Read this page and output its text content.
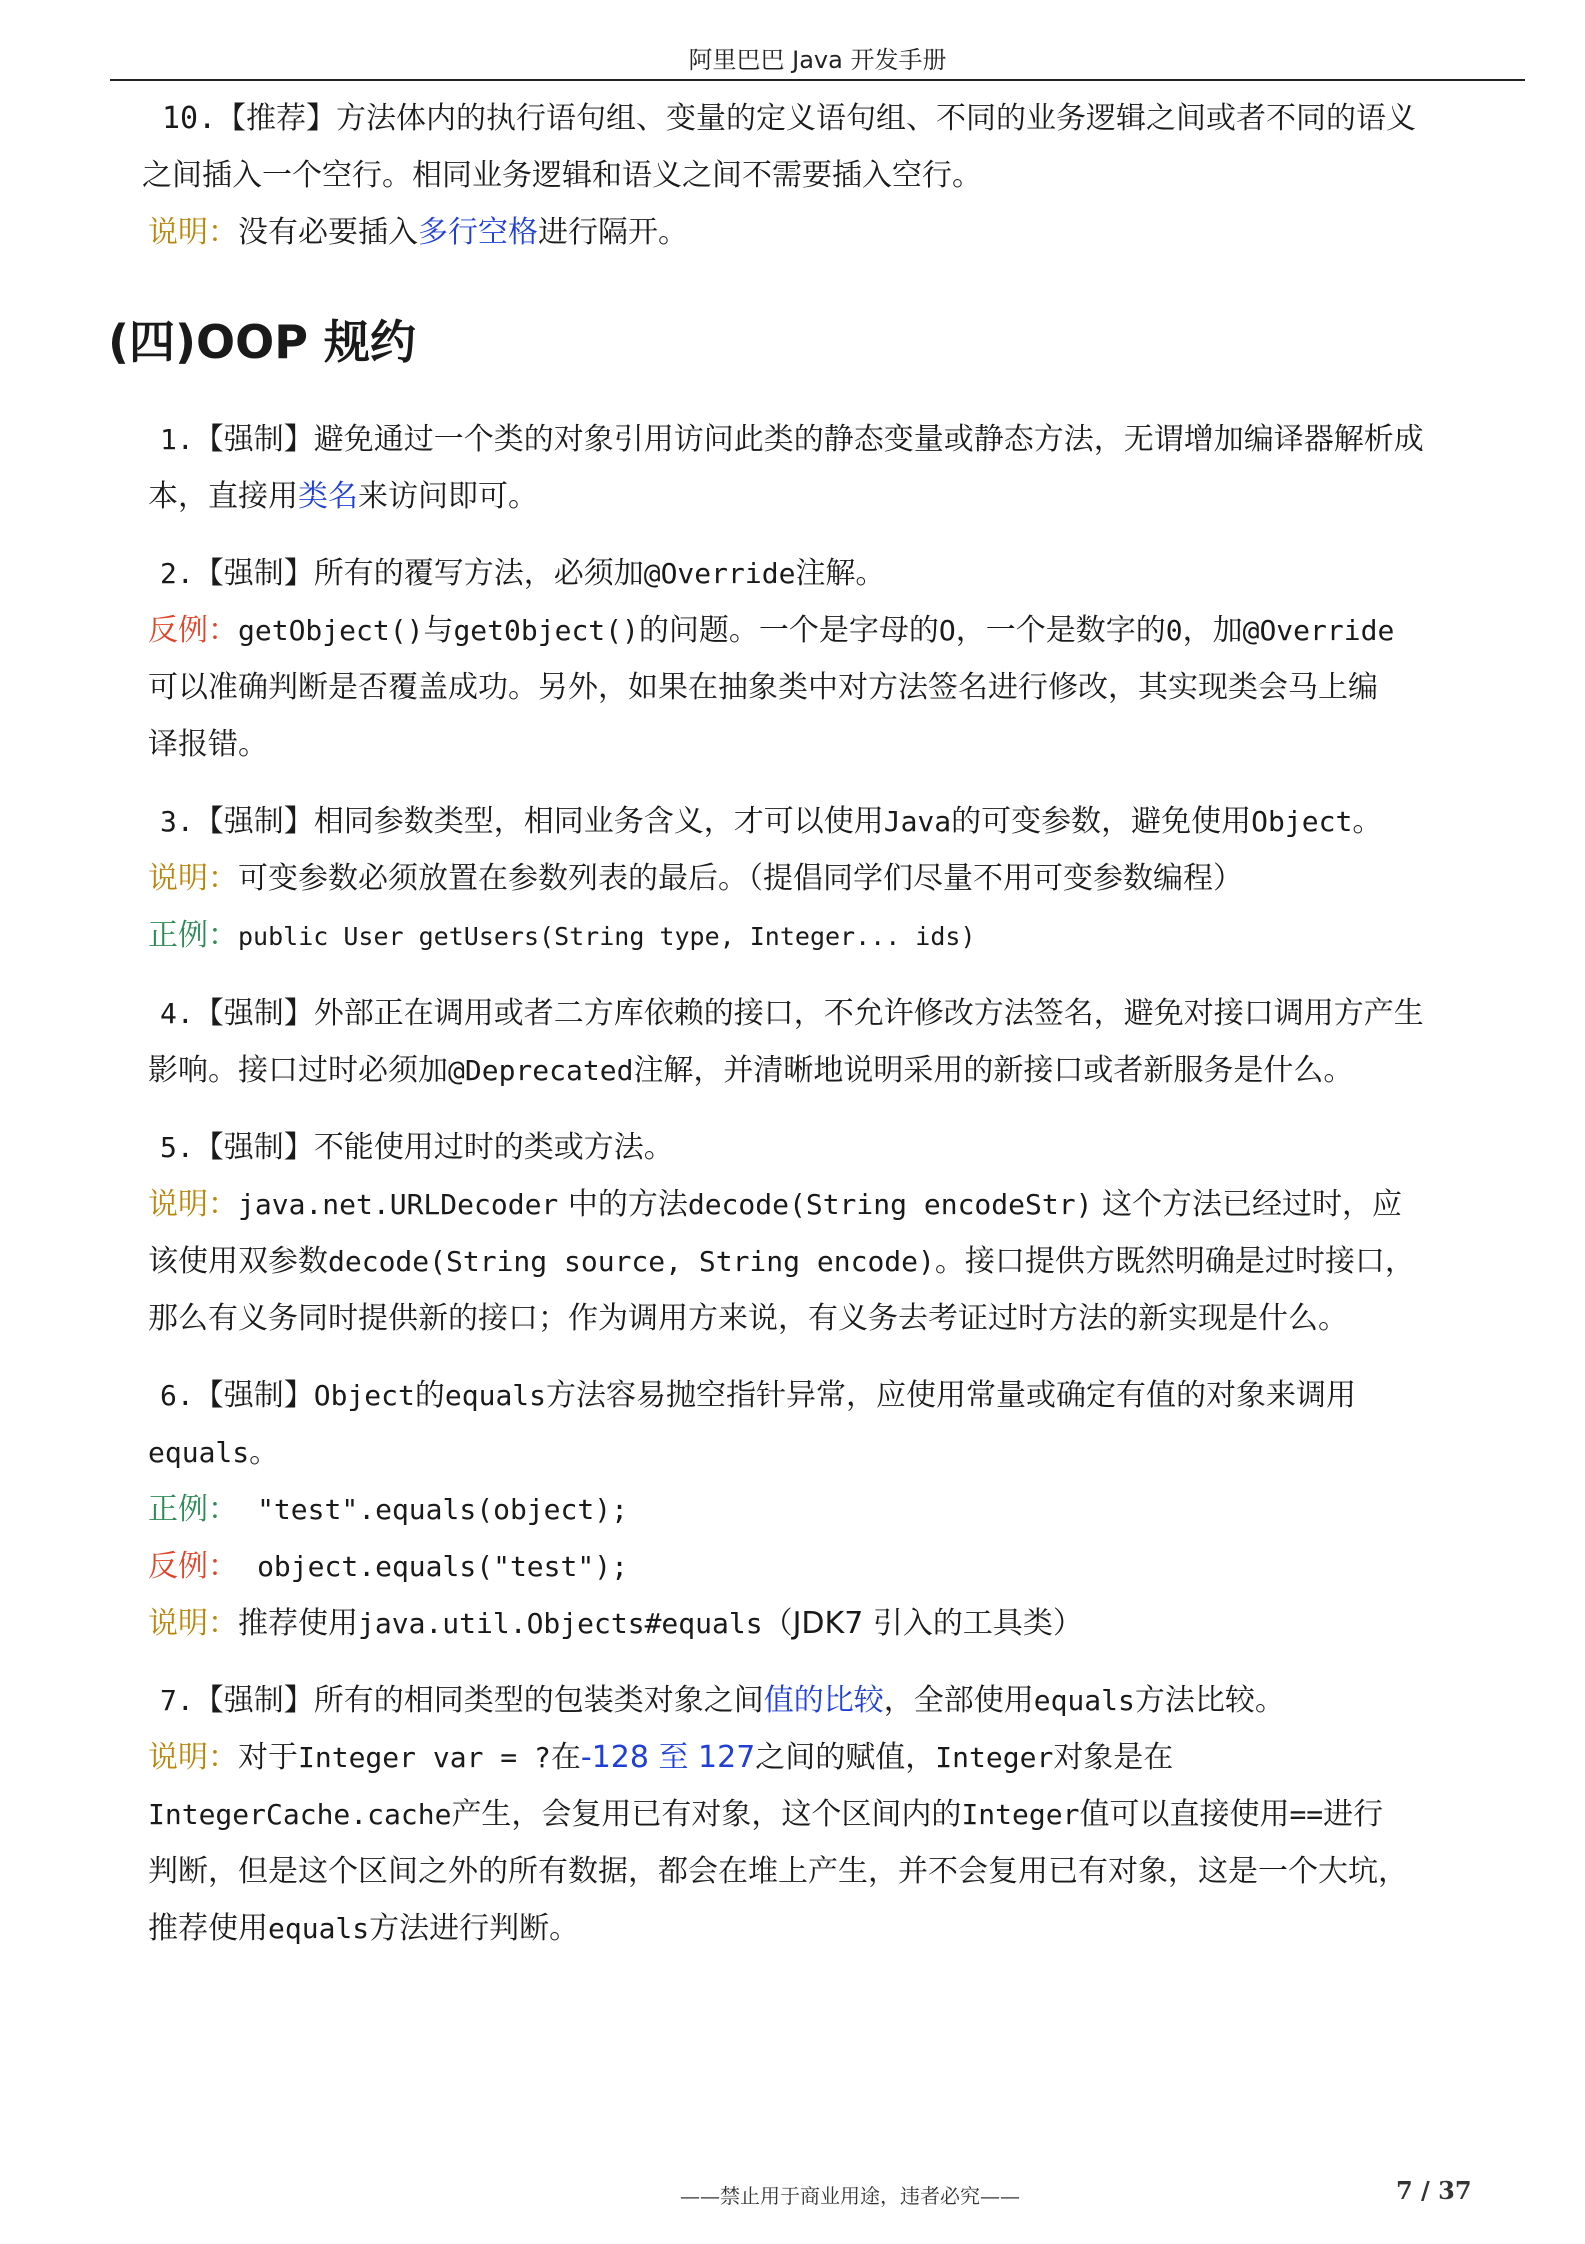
阿里巴巴 Java 开发手册
10. 【推荐】方法体内的执行语句组、变量的定义语句组、不同的业务逻辑之间或者不同的语义
之间插入一个空行。相同业务逻辑和语义之间不需要插入空行。
说明：没有必要插入多行空格进行隔开。
(四)OOP 规约
1.【强制】避免通过一个类的对象引用访问此类的静态变量或静态方法，无谓增加编译器解析成
本，直接用类名来访问即可。
2.【强制】所有的覆写方法，必须加@Override注解。
反例：getObject()与get0bject()的问题。一个是字母的O，一个是数字的0，加@Override
可以准确判断是否覆盖成功。另外，如果在抽象类中对方法签名进行修改，其实现类会马上编
译报错。
3.【强制】相同参数类型，相同业务含义，才可以使用Java的可变参数，避免使用Object。
说明：可变参数必须放置在参数列表的最后。（提倡同学们尽量不用可变参数编程）
正例：public User getUsers(String type, Integer... ids)
4.【强制】外部正在调用或者二方库依赖的接口，不允许修改方法签名，避免对接口调用方产生
影响。接口过时必须加@Deprecated注解，并清晰地说明采用的新接口或者新服务是什么。
5.【强制】不能使用过时的类或方法。
说明：java.net.URLDecoder 中的方法decode(String encodeStr) 这个方法已经过时，应
该使用双参数decode(String source, String encode)。接口提供方既然明确是过时接口，
那么有义务同时提供新的接口；作为调用方来说，有义务去考证过时方法的新实现是什么。
6.【强制】Object的equals方法容易抛空指针异常，应使用常量或确定有值的对象来调用
equals。
正例： "test".equals(object);
反例： object.equals("test");
说明：推荐使用java.util.Objects#equals（JDK7 引入的工具类）
7.【强制】所有的相同类型的包装类对象之间值的比较，全部使用equals方法比较。
说明：对于Integer var = ?在-128 至 127之间的赋值，Integer对象是在
IntegerCache.cache产生，会复用已有对象，这个区间内的Integer值可以直接使用==进行
判断，但是这个区间之外的所有数据，都会在堆上产生，并不会复用已有对象，这是一个大坑，
推荐使用equals方法进行判断。
——禁止用于商业用途，违者必究——	7 / 37
